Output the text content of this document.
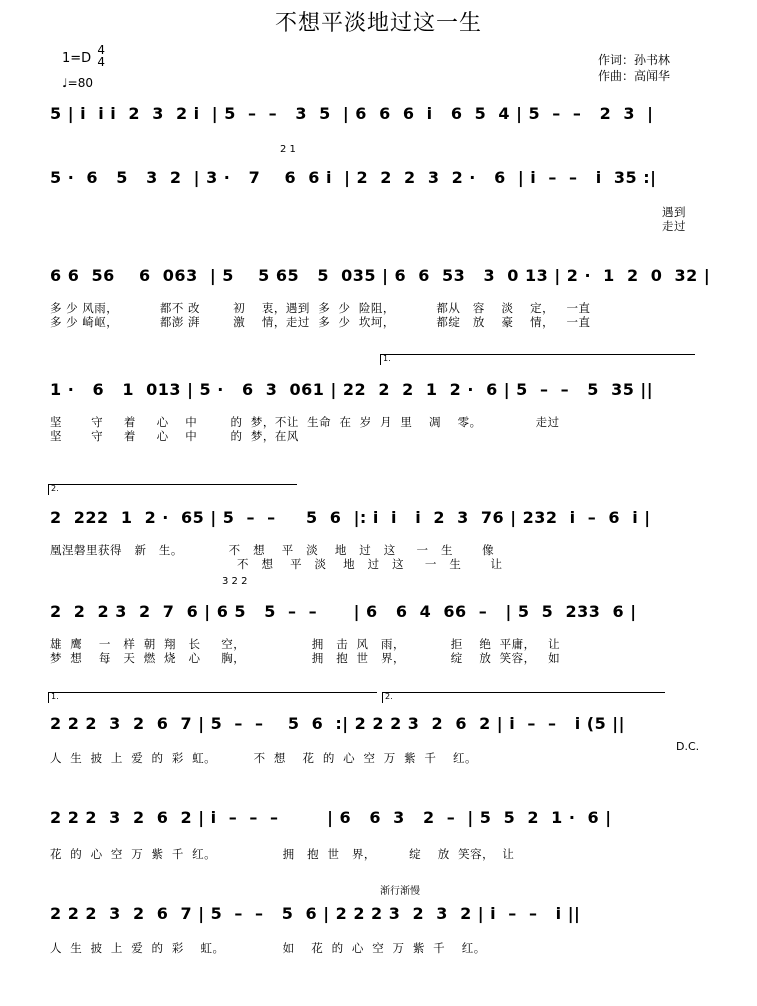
不想平淡地过这一生
1=D 4
4
♩=80
作词：孙书林
作曲：高闻华
5 | i  i i  2  3  2 i  | 5  –  –   3  5  | 6  6  6  i   6  5  4 | 5  –  –   2  3  |
2 1
5 ·  6   5   3  2  | 3 ·   7    6  6 i  | 2  2  2  3  2 ·   6  | i  –  –   i  35 :|
遇到
走过
6 6  56    6  063  | 5    5 65   5  035 | 6  6  53   3  0 13 | 2 ·  1  2  0  32 |
多 少 风雨，          都不 改        初    衷，遇到  多  少  险阻，          都从   容    淡    定，   一直
多 少 崎岖，          都澎 湃        激    情，走过  多  少  坎坷，          都绽   放    豪    情，   一直
1.
1 ·   6   1  013 | 5 ·   6  3  061 | 22  2  2  1  2 ·  6 | 5  –  –   5  35 ||
坚       守     着     心    中        的  梦，不让  生命  在  岁  月  里    凋    零。             走过
坚       守     着     心    中        的  梦，在风
2.
2  222  1  2 ·  65 | 5  –  –     5  6  |: i  i   i  2  3  76 | 232  i  –  6  i |
凰涅磐里获得   新   生。           不   想    平   淡    地   过   这     一   生       像
不   想    平   淡    地   过   这     一   生       让
3 2 2
2  2  2 3  2  7  6 | 6 5   5  –  –      | 6   6  4  66  –   | 5  5  233  6 |
雄  鹰    一   样  朝  翔   长     空，                拥   击  风   雨，           拒    绝  平庸，   让
梦  想    每   天  燃  烧   心     胸，                拥   抱  世   界，           绽    放  笑容，   如
1.	2.
2 2 2  3  2  6  7 | 5  –  –    5  6  :| 2 2 2 3  2  6  2 | i  –  –   i (5 ||
D.C.
人  生  披  上  爱  的  彩  虹。         不  想    花  的  心  空  万  紫  千    红。
2 2 2  3  2  6  2 | i  –  –  –        | 6   6  3   2  –  | 5  5  2  1 ·  6 |
花  的  心  空  万  紫  千  红。                拥   抱  世   界，        绽    放  笑容，  让
渐行渐慢
2 2 2  3  2  6  7 | 5  –  –   5  6 | 2 2 2 3  2  3  2 | i  –  –   i ||
人  生  披  上  爱  的  彩    虹。              如    花  的  心  空  万  紫  千    红。
